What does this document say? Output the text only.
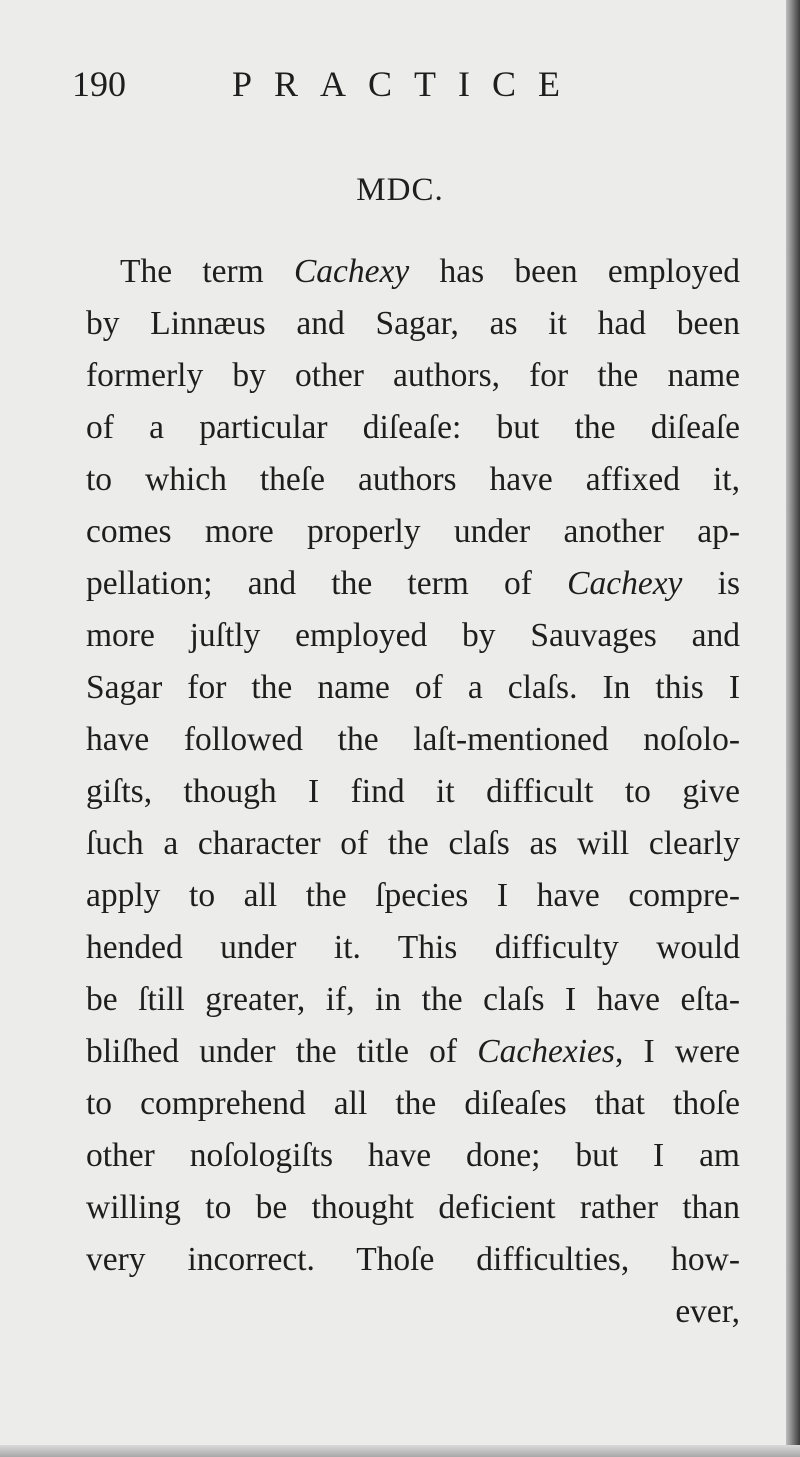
190	PRACTICE
MDC.
The term Cachexy has been employed
by Linnæus and Sagar, as it had been
formerly by other authors, for the name
of a particular diſeaſe: but the diſeaſe
to which theſe authors have affixed it,
comes more properly under another ap-
pellation; and the term of Cachexy is
more juſtly employed by Sauvages and
Sagar for the name of a claſs. In this I
have followed the laſt-mentioned noſolo-
giſts, though I find it difficult to give
ſuch a character of the claſs as will clearly
apply to all the ſpecies I have compre-
hended under it. This difficulty would
be ſtill greater, if, in the claſs I have eſta-
bliſhed under the title of Cachexies, I were
to comprehend all the diſeaſes that thoſe
other noſologiſts have done; but I am
willing to be thought deficient rather than
very incorrect. Thoſe difficulties, how-
ever,
